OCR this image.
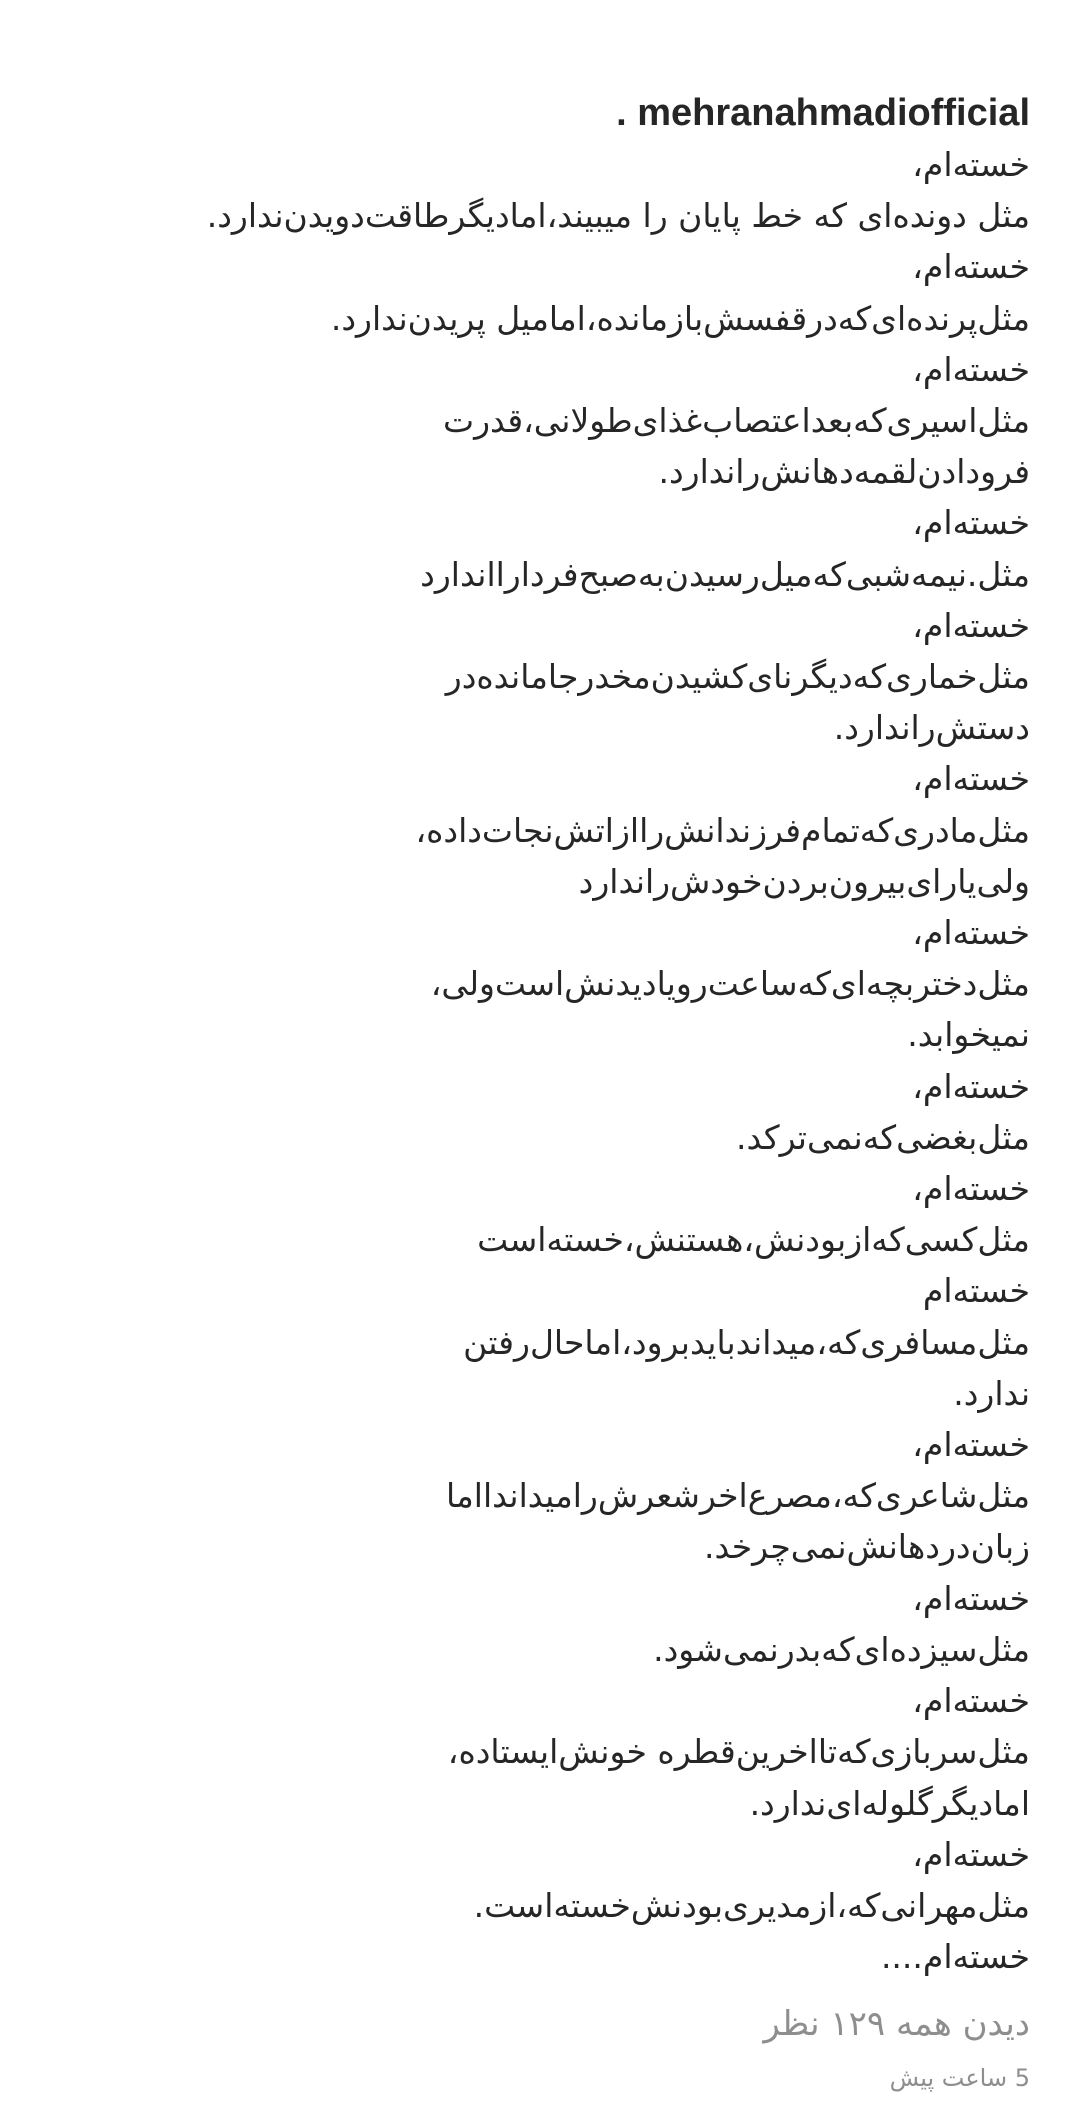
. mehranahmadiofficial
خسته‌ام،
مثل دونده‌ای که خط پایان را میبیند،امادیگرطاقت‌دویدن‌ندارد.
خسته‌ام،
مثل‌پرنده‌ای‌که‌درقفسش‌بازمانده،امامیل پریدن‌ندارد.
خسته‌ام،
مثل‌اسیری‌که‌بعداعتصاب‌غذای‌طولانی،قدرت
فرودادن‌لقمه‌دهانش‌راندارد.
خسته‌ام،
مثل.نیمه‌شبی‌که‌میل‌رسیدن‌به‌صبح‌فردارااندارد
خسته‌ام،
مثل‌خماری‌که‌دیگرنای‌کشیدن‌مخدرجامانده‌در
دستش‌راندارد.
خسته‌ام،
مثل‌مادری‌که‌تمام‌فرزندانش‌راازاتش‌نجات‌داده،
ولی‌یارای‌بیرون‌بردن‌خودش‌راندارد
خسته‌ام،
مثل‌دختربچه‌ای‌که‌ساعت‌رویادیدنش‌است‌ولی،
نمیخوابد.
خسته‌ام،
مثل‌بغضی‌که‌نمی‌ترکد.
خسته‌ام،
مثل‌کسی‌که‌ازبودنش،هستنش،خسته‌است
خسته‌ام
مثل‌مسافری‌که،میداندبایدبرود،اماحال‌رفتن
ندارد.
خسته‌ام،
مثل‌شاعری‌که،مصرع‌اخرشعرش‌رامیداندااما
زبان‌دردهانش‌نمی‌چرخد.
خسته‌ام،
مثل‌سیزده‌ای‌که‌بدرنمی‌شود.
خسته‌ام،
مثل‌سربازی‌که‌تااخرین‌قطره خونش‌ایستاده،
امادیگرگلوله‌ای‌ندارد.
خسته‌ام،
مثل‌مهرانی‌که،ازمدیری‌بودنش‌خسته‌است.
خسته‌ام....
دیدن همه ۱۲۹ نظر
5 ساعت پیش
